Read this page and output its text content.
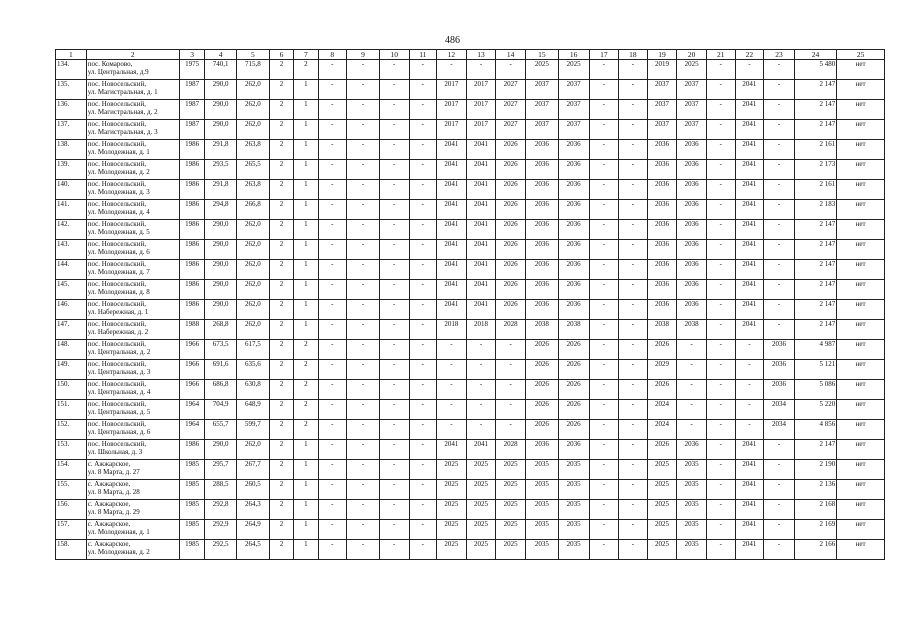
486
1	2	3	4	5	6	7	8	9	10	11	12	13	14	15	16	17	18	19	20	21	22	23	24	25
134.	пос. Комарово,
ул. Центральная, д.9	1975	740,1	715,8	2	2	-	-	-	-	-	-	-	2025	2025	-	-	2019	2025	-	-	-	5 480	нет
135.	пос. Новосельский,
ул. Магистральная, д. 1	1987	290,0	262,0	2	1	-	-	-	-	2017	2017	2027	2037	2037	-	-	2037	2037	-	2041	-	2 147	нет
136.	пос. Новосельский,
ул. Магистральная, д. 2	1987	290,0	262,0	2	1	-	-	-	-	2017	2017	2027	2037	2037	-	-	2037	2037	-	2041	-	2 147	нет
137.	пос. Новосельский,
ул. Магистральная, д. 3	1987	290,0	262,0	2	1	-	-	-	-	2017	2017	2027	2037	2037	-	-	2037	2037	-	2041	-	2 147	нет
138.	пос. Новосельский,
ул. Молодежная, д. 1	1986	291,8	263,8	2	1	-	-	-	-	2041	2041	2026	2036	2036	-	-	2036	2036	-	2041	-	2 161	нет
139.	пос. Новосельский,
ул. Молодежная, д. 2	1986	293,5	265,5	2	1	-	-	-	-	2041	2041	2026	2036	2036	-	-	2036	2036	-	2041	-	2 173	нет
140.	пос. Новосельский,
ул. Молодежная, д. 3	1986	291,8	263,8	2	1	-	-	-	-	2041	2041	2026	2036	2036	-	-	2036	2036	-	2041	-	2 161	нет
141.	пос. Новосельский,
ул. Молодежная, д. 4	1986	294,8	266,8	2	1	-	-	-	-	2041	2041	2026	2036	2036	-	-	2036	2036	-	2041	-	2 183	нет
142.	пос. Новосельский,
ул. Молодежная, д. 5	1986	290,0	262,0	2	1	-	-	-	-	2041	2041	2026	2036	2036	-	-	2036	2036	-	2041	-	2 147	нет
143.	пос. Новосельский,
ул. Молодежная, д. 6	1986	290,0	262,0	2	1	-	-	-	-	2041	2041	2026	2036	2036	-	-	2036	2036	-	2041	-	2 147	нет
144.	пос. Новосельский,
ул. Молодежная, д. 7	1986	290,0	262,0	2	1	-	-	-	-	2041	2041	2026	2036	2036	-	-	2036	2036	-	2041	-	2 147	нет
145.	пос. Новосельский,
ул. Молодежная, д. 8	1986	290,0	262,0	2	1	-	-	-	-	2041	2041	2026	2036	2036	-	-	2036	2036	-	2041	-	2 147	нет
146.	пос. Новосельский,
ул. Набережная, д. 1	1986	290,0	262,0	2	1	-	-	-	-	2041	2041	2026	2036	2036	-	-	2036	2036	-	2041	-	2 147	нет
147.	пос. Новосельский,
ул. Набережная, д. 2	1988	268,8	262,0	2	1	-	-	-	-	2018	2018	2028	2038	2038	-	-	2038	2038	-	2041	-	2 147	нет
148.	пос. Новосельский,
ул. Центральная, д. 2	1966	673,5	617,5	2	2	-	-	-	-	-	-	-	2026	2026	-	-	2026	-	-	-	2036	4 987	нет
149.	пос. Новосельский,
ул. Центральная, д. 3	1966	691,6	635,6	2	2	-	-	-	-	-	-	-	2026	2026	-	-	2029	-	-	-	2036	5 121	нет
150.	пос. Новосельский,
ул. Центральная, д. 4	1966	686,8	630,8	2	2	-	-	-	-	-	-	-	2026	2026	-	-	2026	-	-	-	2036	5 086	нет
151.	пос. Новосельский,
ул. Центральная, д. 5	1964	704,9	648,9	2	2	-	-	-	-	-	-	-	2026	2026	-	-	2024	-	-	-	2034	5 220	нет
152.	пос. Новосельский,
ул. Центральная, д. 6	1964	655,7	599,7	2	2	-	-	-	-	-	-	-	2026	2026	-	-	2024	-	-	-	2034	4 856	нет
153.	пос. Новосельский,
ул. Школьная, д. 3	1986	290,0	262,0	2	1	-	-	-	-	2041	2041	2028	2036	2036	-	-	2026	2036	-	2041	-	2 147	нет
154.	с. Ажжарское,
ул. 8 Марта, д. 27	1985	295,7	267,7	2	1	-	-	-	-	2025	2025	2025	2035	2035	-	-	2025	2035	-	2041	-	2 190	нет
155.	с. Ажжарское,
ул. 8 Марта, д. 28	1985	288,5	260,5	2	1	-	-	-	-	2025	2025	2025	2035	2035	-	-	2025	2035	-	2041	-	2 136	нет
156.	с. Ажжарское,
ул. 8 Марта, д. 29	1985	292,8	264,3	2	1	-	-	-	-	2025	2025	2025	2035	2035	-	-	2025	2035	-	2041	-	2 168	нет
157.	с. Ажжарское,
ул. Молодежная, д. 1	1985	292,9	264,9	2	1	-	-	-	-	2025	2025	2025	2035	2035	-	-	2025	2035	-	2041	-	2 169	нет
158.	с. Ажжарское,
ул. Молодежная, д. 2	1985	292,5	264,5	2	1	-	-	-	-	2025	2025	2025	2035	2035	-	-	2025	2035	-	2041	-	2 166	нет
